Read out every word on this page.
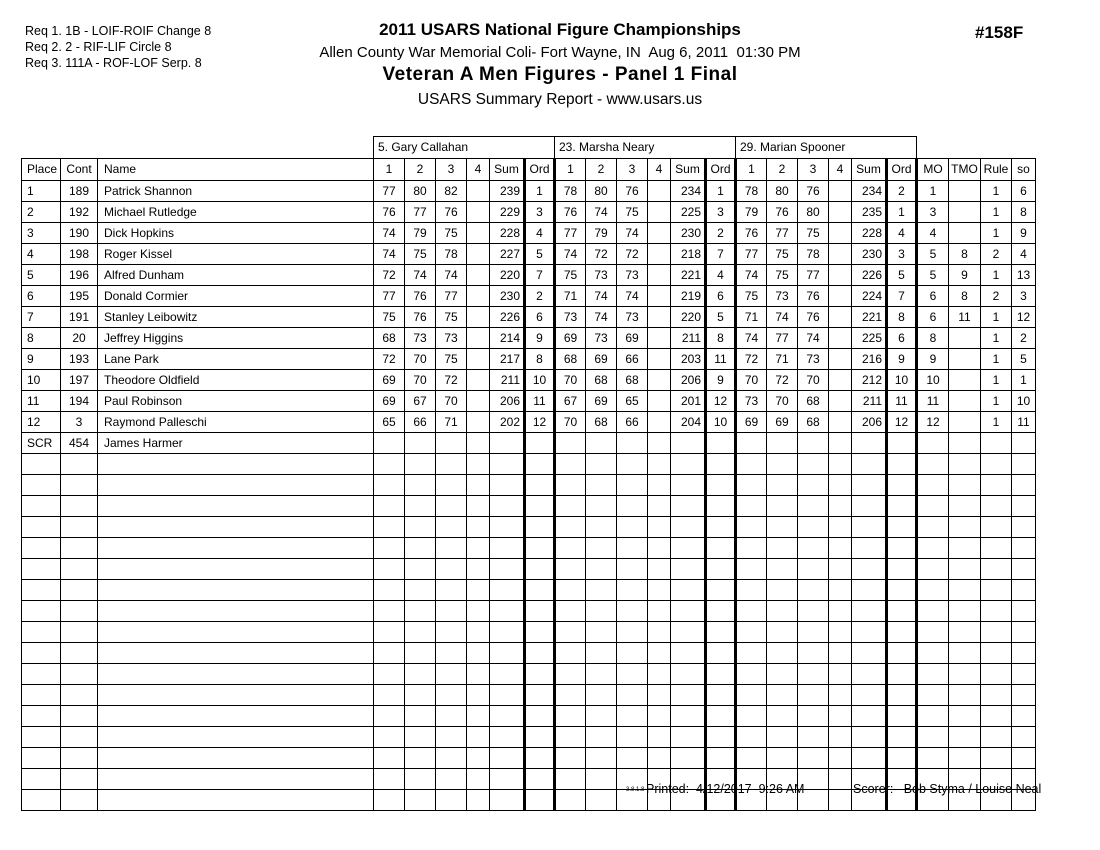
Req 1. 1B - LOIF-ROIF Change 8
Req 2. 2 - RIF-LIF Circle 8
Req 3. 111A - ROF-LOF Serp. 8
2011 USARS National Figure Championships
Allen County War Memorial Coli- Fort Wayne, IN  Aug 6, 2011  01:30 PM
Veteran A Men Figures - Panel 1 Final
USARS Summary Report - www.usars.us
#158F
			5. Gary Callahan						23. Marsha Neary						29. Marian Spooner									
Place	Cont	Name	1	2	3	4	Sum	Ord	1	2	3	4	Sum	Ord	1	2	3	4	Sum	Ord	MO	TMO	Rule	so
1	189	Patrick Shannon	77	80	82		239	1	78	80	76		234	1	78	80	76		234	2	1		1	6
2	192	Michael Rutledge	76	77	76		229	3	76	74	75		225	3	79	76	80		235	1	3		1	8
3	190	Dick Hopkins	74	79	75		228	4	77	79	74		230	2	76	77	75		228	4	4		1	9
4	198	Roger Kissel	74	75	78		227	5	74	72	72		218	7	77	75	78		230	3	5	8	2	4
5	196	Alfred Dunham	72	74	74		220	7	75	73	73		221	4	74	75	77		226	5	5	9	1	13
6	195	Donald Cormier	77	76	77		230	2	71	74	74		219	6	75	73	76		224	7	6	8	2	3
7	191	Stanley Leibowitz	75	76	75		226	6	73	74	73		220	5	71	74	76		221	8	6	11	1	12
8	20	Jeffrey Higgins	68	73	73		214	9	69	73	69		211	8	74	77	74		225	6	8		1	2
9	193	Lane Park	72	70	75		217	8	68	69	66		203	11	72	71	73		216	9	9		1	5
10	197	Theodore Oldfield	69	70	72		211	10	70	68	68		206	9	70	72	70		212	10	10		1	1
11	194	Paul Robinson	69	67	70		206	11	67	69	65		201	12	73	70	68		211	11	11		1	10
12	3	Raymond Palleschi	65	66	71		202	12	70	68	66		204	10	69	69	68		206	12	12		1	11
SCR	454	James Harmer																						

3.8.1.8 Printed:  4/12/2017  9:26 AM	Scorer:   Bob Styma / Louise Neal
